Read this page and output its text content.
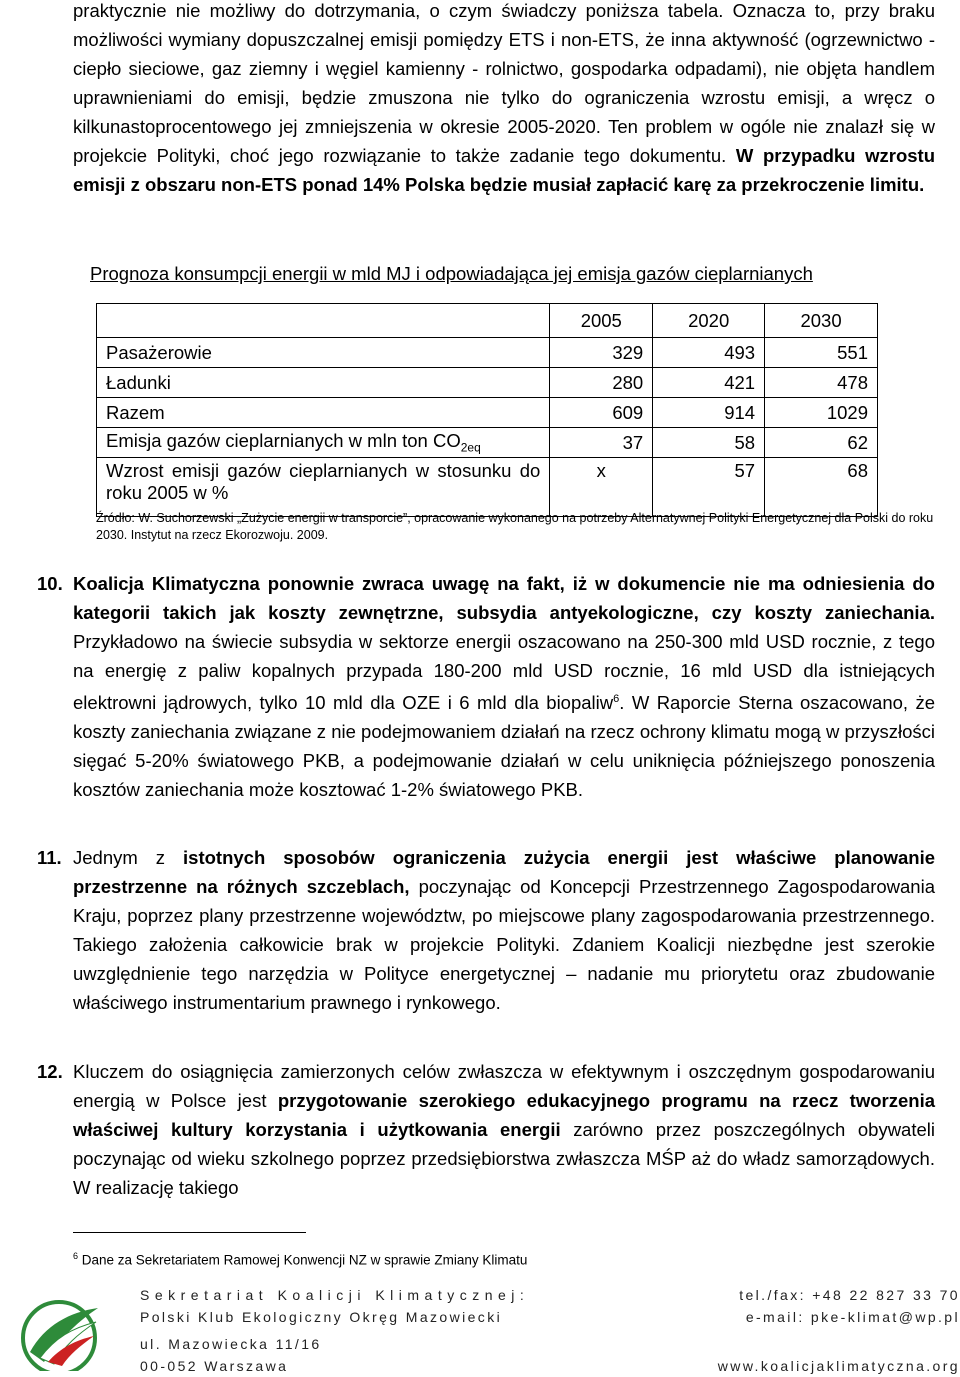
praktycznie nie możliwy do dotrzymania, o czym świadczy poniższa tabela. Oznacza to, przy braku możliwości wymiany dopuszczalnej emisji pomiędzy ETS i non-ETS, że inna aktywność (ogrzewnictwo - ciepło sieciowe, gaz ziemny i węgiel kamienny - rolnictwo, gospodarka odpadami), nie objęta handlem uprawnieniami do emisji, będzie zmuszona nie tylko do ograniczenia wzrostu emisji, a wręcz o kilkunastoprocentowego jej zmniejszenia w okresie 2005-2020. Ten problem w ogóle nie znalazł się w projekcie Polityki, choć jego rozwiązanie to także zadanie tego dokumentu. W przypadku wzrostu emisji z obszaru non-ETS ponad 14% Polska będzie musiał zapłacić karę za przekroczenie limitu.

Prognoza konsumpcji energii w mld MJ i odpowiadająca jej emisja gazów cieplarnianych
	2005	2020	2030
Pasażerowie	329	493	551
Ładunki	280	421	478
Razem	609	914	1029
Emisja gazów cieplarnianych w mln ton $CO_{2eq}$	37	58	62
Wzrost emisji gazów cieplarnianych w stosunku do roku 2005 w %	x	57	68
Źródło: W. Suchorzewski „Zużycie energii w transporcie”, opracowanie wykonanego na potrzeby Alternatywnej Polityki Energetycznej dla Polski do roku 2030. Instytut na rzecz Ekorozwoju. 2009.
10. Koalicja Klimatyczna ponownie zwraca uwagę na fakt, iż w dokumencie nie ma odniesienia do kategorii takich jak koszty zewnętrzne, subsydia antyekologiczne, czy koszty zaniechania. Przykładowo na świecie subsydia w sektorze energii oszacowano na 250-300 mld USD rocznie, z tego na energię z paliw kopalnych przypada 180-200 mld USD rocznie, 16 mld USD dla istniejących elektrowni jądrowych, tylko 10 mld dla OZE i 6 mld dla biopaliw$^6$. W Raporcie Sterna oszacowano, że koszty zaniechania związane z nie podejmowaniem działań na rzecz ochrony klimatu mogą w przyszłości sięgać 5-20% światowego PKB, a podejmowanie działań w celu uniknięcia późniejszego ponoszenia kosztów zaniechania może kosztować 1-2% światowego PKB.

11. Jednym z istotnych sposobów ograniczenia zużycia energii jest właściwe planowanie przestrzenne na różnych szczeblach, poczynając od Koncepcji Przestrzennego Zagospodarowania Kraju, poprzez plany przestrzenne województw, po miejscowe plany zagospodarowania przestrzennego. Takiego założenia całkowicie brak w projekcie Polityki. Zdaniem Koalicji niezbędne jest szerokie uwzględnienie tego narzędzia w Polityce energetycznej – nadanie mu priorytetu oraz zbudowanie właściwego instrumentarium prawnego i rynkowego.

12. Kluczem do osiągnięcia zamierzonych celów zwłaszcza w efektywnym i oszczędnym gospodarowaniu energią w Polsce jest przygotowanie szerokiego edukacyjnego programu na rzecz tworzenia właściwej kultury korzystania i użytkowania energii zarówno przez poszczególnych obywateli poczynając od wieku szkolnego poprzez przedsiębiorstwa zwłaszcza MŚP aż do władz samorządowych. W realizację takiego

$^6$ Dane za Sekretariatem Ramowej Konwencji NZ w sprawie Zmiany Klimatu
Sekretariat Koalicji Klimatycznej:	tel./fax: +48 22 827 33 70
Polski Klub Ekologiczny Okręg Mazowiecki	e-mail: pke-klimat@wp.pl
ul. Mazowiecka 11/16
00-052 Warszawa	www.koalicjaklimatyczna.org
